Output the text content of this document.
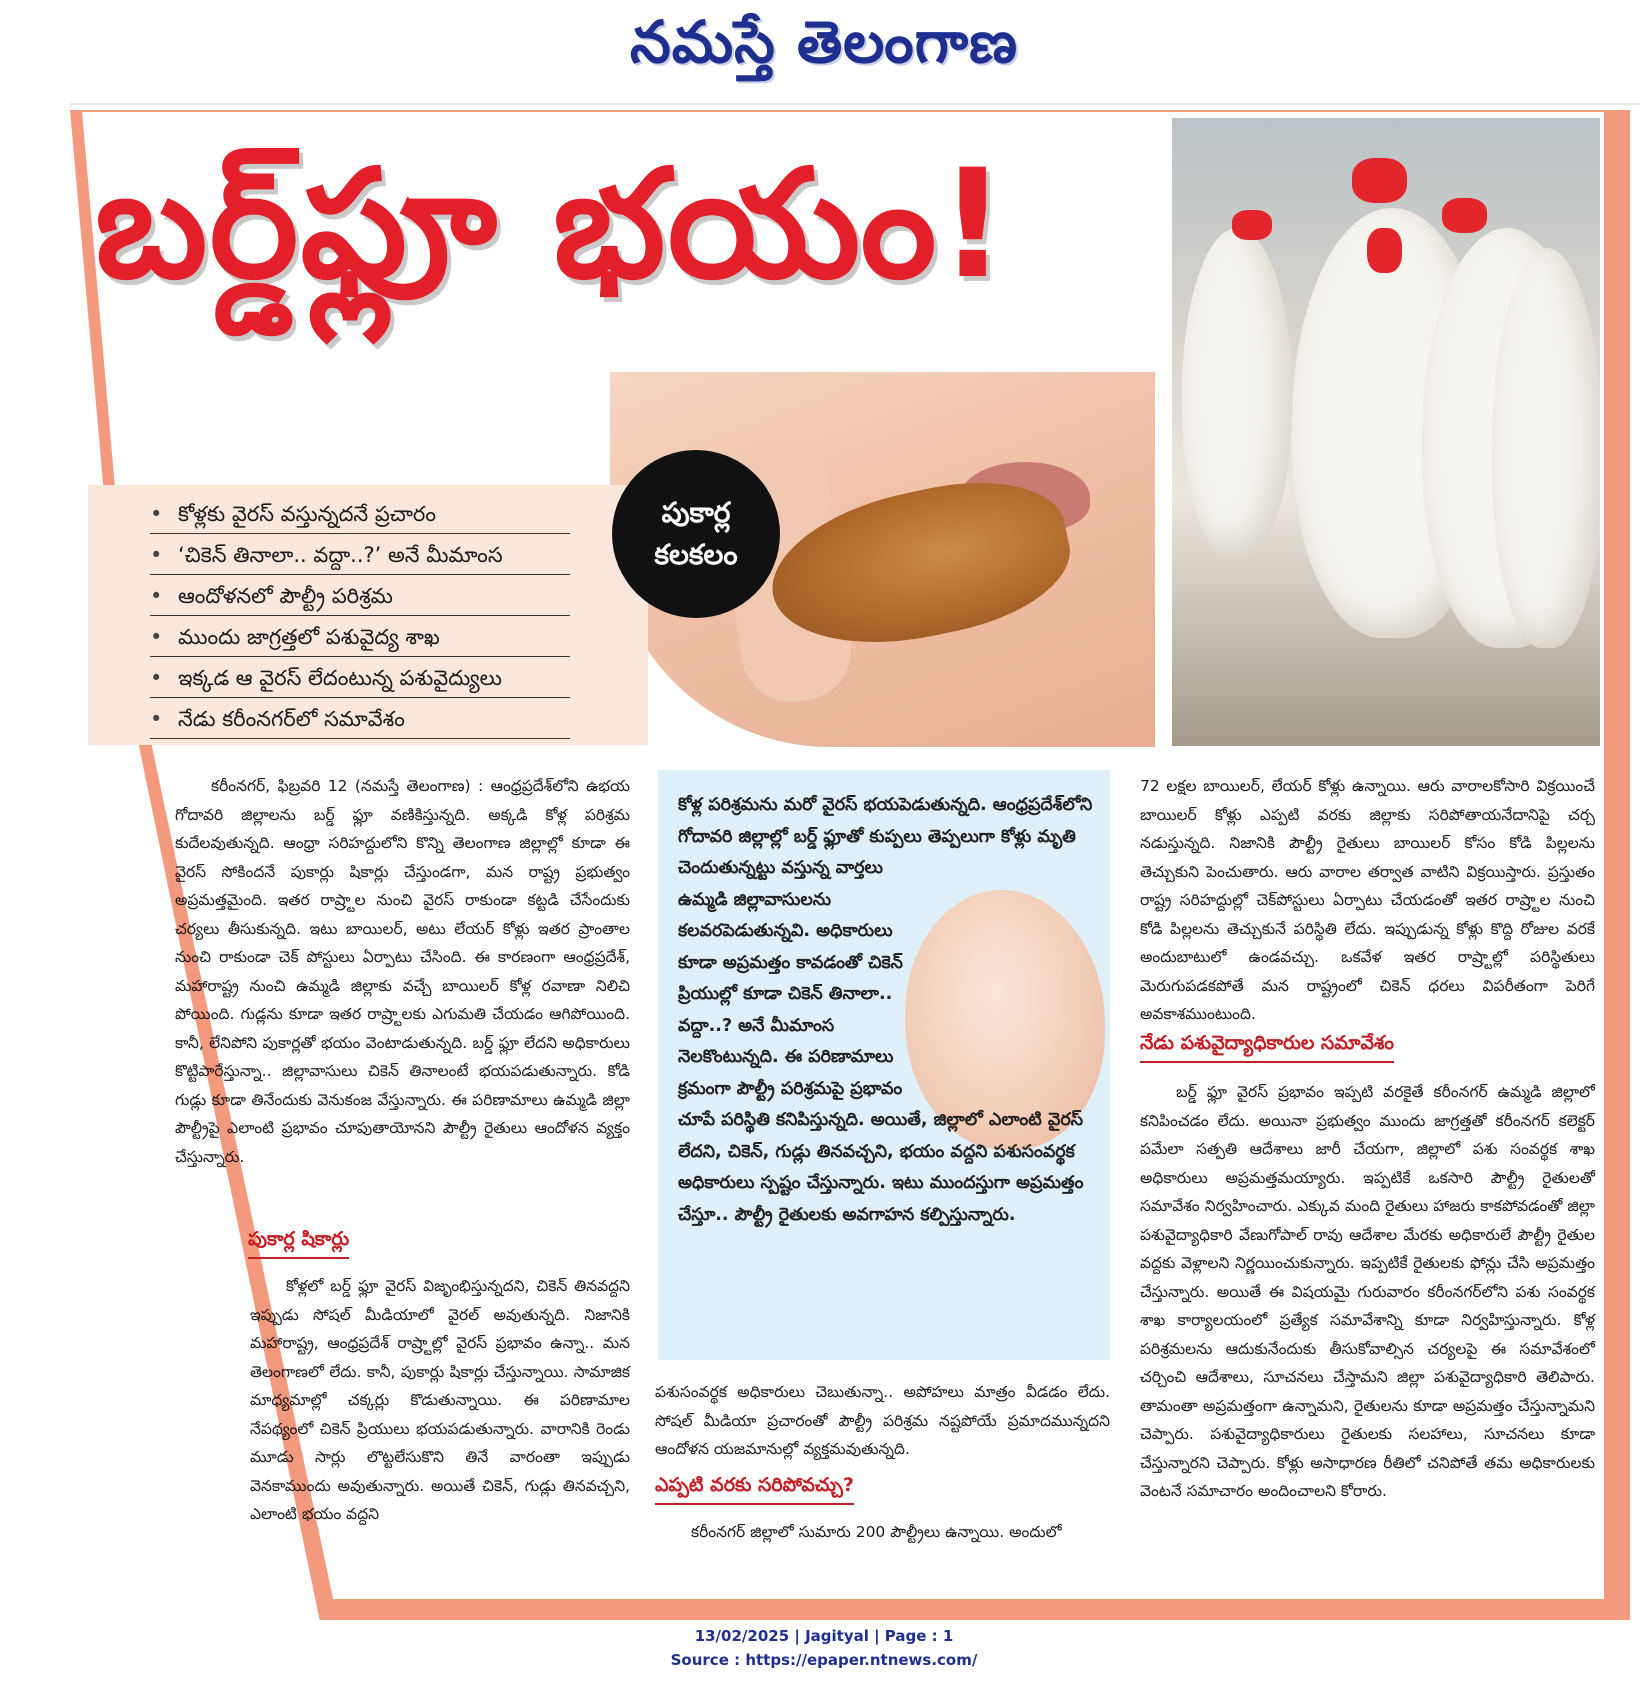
నమస్తే తెలంగాణ
బర్డ్‌ఫ్లూ భయం!
పుకార్ల
కలకలం
• కోళ్లకు వైరస్ వస్తున్నదనే ప్రచారం
• ‘చికెన్ తినాలా.. వద్దా..?’ అనే మీమాంస
• ఆందోళనలో పౌల్ట్రీ పరిశ్రమ
• ముందు జాగ్రత్తలో పశువైద్య శాఖ
• ఇక్కడ ఆ వైరస్ లేదంటున్న పశువైద్యులు
• నేడు కరీంనగర్‌లో సమావేశం

కరీంనగర్, ఫిబ్రవరి 12 (నమస్తే తెలంగాణ) : ఆంధ్రప్రదేశ్‌లోని ఉభయ గోదావరి జిల్లాలను బర్డ్ ఫ్లూ వణికిస్తున్నది. అక్కడి కోళ్ల పరిశ్రమ కుదేలవుతున్నది. ఆంధ్రా సరిహద్దులోని కొన్ని తెలంగాణ జిల్లాల్లో కూడా ఈ వైరస్ సోకిందనే పుకార్లు షికార్లు చేస్తుండగా, మన రాష్ట్ర ప్రభుత్వం అప్రమత్తమైంది. ఇతర రాష్ర్టాల నుంచి వైరస్ రాకుండా కట్టడి చేసేందుకు చర్యలు తీసుకున్నది. ఇటు బాయిలర్, అటు లేయర్ కోళ్లు ఇతర ప్రాంతాల నుంచి రాకుండా చెక్ పోస్టులు ఏర్పాటు చేసింది. ఈ కారణంగా ఆంధ్రప్రదేశ్, మహారాష్ట్ర నుంచి ఉమ్మడి జిల్లాకు వచ్చే బాయిలర్ కోళ్ల రవాణా నిలిచి పోయింది. గుడ్లను కూడా ఇతర రాష్ర్టాలకు ఎగుమతి చేయడం ఆగిపోయింది. కానీ, లేనిపోని పుకార్లతో భయం వెంటాడుతున్నది. బర్డ్ ఫ్లూ లేదని అధికారులు కొట్టిపారేస్తున్నా.. జిల్లావాసులు చికెన్ తినాలంటే భయపడుతున్నారు. కోడి గుడ్లు కూడా తినేందుకు వెనుకంజ వేస్తున్నారు. ఈ పరిణామాలు ఉమ్మడి జిల్లా పౌల్ట్రీపై ఎలాంటి ప్రభావం చూపుతాయోనని పౌల్ట్రీ రైతులు ఆందోళన వ్యక్తం చేస్తున్నారు.

పుకార్ల షికార్లు

కోళ్లలో బర్డ్ ఫ్లూ వైరస్ విజృంభిస్తున్నదని, చికెన్ తినవద్దని ఇప్పుడు సోషల్ మీడియాలో వైరల్ అవుతున్నది. నిజానికి మహారాష్ట్ర, ఆంధ్రప్రదేశ్ రాష్ర్టాల్లో వైరస్ ప్రభావం ఉన్నా.. మన తెలంగాణలో లేదు. కానీ, పుకార్లు షికార్లు చేస్తున్నాయి. సామాజిక మాధ్యమాల్లో చక్కర్లు కొడుతున్నాయి. ఈ పరిణామాల నేపథ్యంలో చికెన్ ప్రియులు భయపడుతున్నారు. వారానికి రెండు మూడు సార్లు లొట్టలేసుకొని తినే వారంతా ఇప్పుడు వెనకాముందు అవుతున్నారు. అయితే చికెన్, గుడ్లు తినవచ్చని, ఎలాంటి భయం వద్దని

కోళ్ల పరిశ్రమను మరో వైరస్ భయపెడుతున్నది. ఆంధ్రప్రదేశ్‌లోని గోదావరి జిల్లాల్లో బర్డ్ ఫ్లూతో కుప్పలు తెప్పలుగా కోళ్లు మృతి చెందుతున్నట్టు వస్తున్న వార్తలు
ఉమ్మడి జిల్లావాసులను కలవరపెడుతున్నవి. అధికారులు కూడా అప్రమత్తం కావడంతో చికెన్ ప్రియుల్లో కూడా చికెన్ తినాలా.. వద్దా..? అనే మీమాంస నెలకొంటున్నది. ఈ పరిణామాలు క్రమంగా పౌల్ట్రీ పరిశ్రమపై ప్రభావం
చూపే పరిస్థితి కనిపిస్తున్నది. అయితే, జిల్లాలో ఎలాంటి వైరస్ లేదని, చికెన్, గుడ్లు తినవచ్చని, భయం వద్దని పశుసంవర్థక అధికారులు స్పష్టం చేస్తున్నారు. ఇటు ముందస్తుగా అప్రమత్తం చేస్తూ.. పౌల్ట్రీ రైతులకు అవగాహన కల్పిస్తున్నారు.

పశుసంవర్థక అధికారులు చెబుతున్నా.. అపోహలు మాత్రం వీడడం లేదు. సోషల్ మీడియా ప్రచారంతో పౌల్ట్రీ పరిశ్రమ నష్టపోయే ప్రమాదమున్నదని ఆందోళన యజమానుల్లో వ్యక్తమవుతున్నది.

ఎప్పటి వరకు సరిపోవచ్చు?

కరీంనగర్ జిల్లాలో సుమారు 200 పౌల్ట్రీలు ఉన్నాయి. అందులో

72 లక్షల బాయిలర్, లేయర్ కోళ్లు ఉన్నాయి. ఆరు వారాలకోసారి విక్రయించే బాయిలర్ కోళ్లు ఎప్పటి వరకు జిల్లాకు సరిపోతాయనేదానిపై చర్చ నడుస్తున్నది. నిజానికి పౌల్ట్రీ రైతులు బాయిలర్ కోసం కోడి పిల్లలను తెచ్చుకుని పెంచుతారు. ఆరు వారాల తర్వాత వాటిని విక్రయిస్తారు. ప్రస్తుతం రాష్ట్ర సరిహద్దుల్లో చెక్‌పోస్టులు ఏర్పాటు చేయడంతో ఇతర రాష్ర్టాల నుంచి కోడి పిల్లలను తెచ్చుకునే పరిస్థితి లేదు. ఇప్పుడున్న కోళ్లు కొద్ది రోజుల వరకే అందుబాటులో ఉండవచ్చు. ఒకవేళ ఇతర రాష్ర్టాల్లో పరిస్థితులు మెరుగుపడకపోతే మన రాష్ట్రంలో చికెన్ ధరలు విపరీతంగా పెరిగే అవకాశముంటుంది.

నేడు పశువైద్యాధికారుల సమావేశం

బర్డ్ ఫ్లూ వైరస్ ప్రభావం ఇప్పటి వరకైతే కరీంనగర్ ఉమ్మడి జిల్లాలో కనిపించడం లేదు. అయినా ప్రభుత్వం ముందు జాగ్రత్తతో కరీంనగర్ కలెక్టర్ పమేలా సత్పతి ఆదేశాలు జారీ చేయగా, జిల్లాలో పశు సంవర్థక శాఖ అధికారులు అప్రమత్తమయ్యారు. ఇప్పటికే ఒకసారి పౌల్ట్రీ రైతులతో సమావేశం నిర్వహించారు. ఎక్కువ మంది రైతులు హాజరు కాకపోవడంతో జిల్లా పశువైద్యాధికారి వేణుగోపాల్ రావు ఆదేశాల మేరకు అధికారులే పౌల్ట్రీ రైతుల వద్దకు వెళ్లాలని నిర్ణయించుకున్నారు. ఇప్పటికే రైతులకు ఫోన్లు చేసి అప్రమత్తం చేస్తున్నారు. అయితే ఈ విషయమై గురువారం కరీంనగర్‌లోని పశు సంవర్థక శాఖ కార్యాలయంలో ప్రత్యేక సమావేశాన్ని కూడా నిర్వహిస్తున్నారు. కోళ్ల పరిశ్రమలను ఆదుకునేందుకు తీసుకోవాల్సిన చర్యలపై ఈ సమావేశంలో చర్చించి ఆదేశాలు, సూచనలు చేస్తామని జిల్లా పశువైద్యాధికారి తెలిపారు. తామంతా అప్రమత్తంగా ఉన్నామని, రైతులను కూడా అప్రమత్తం చేస్తున్నామని చెప్పారు. పశువైద్యాధికారులు రైతులకు సలహాలు, సూచనలు కూడా చేస్తున్నారని చెప్పారు. కోళ్లు అసాధారణ రీతిలో చనిపోతే తమ అధికారులకు వెంటనే సమాచారం అందించాలని కోరారు.

13/02/2025 | Jagityal | Page : 1
Source : https://epaper.ntnews.com/
